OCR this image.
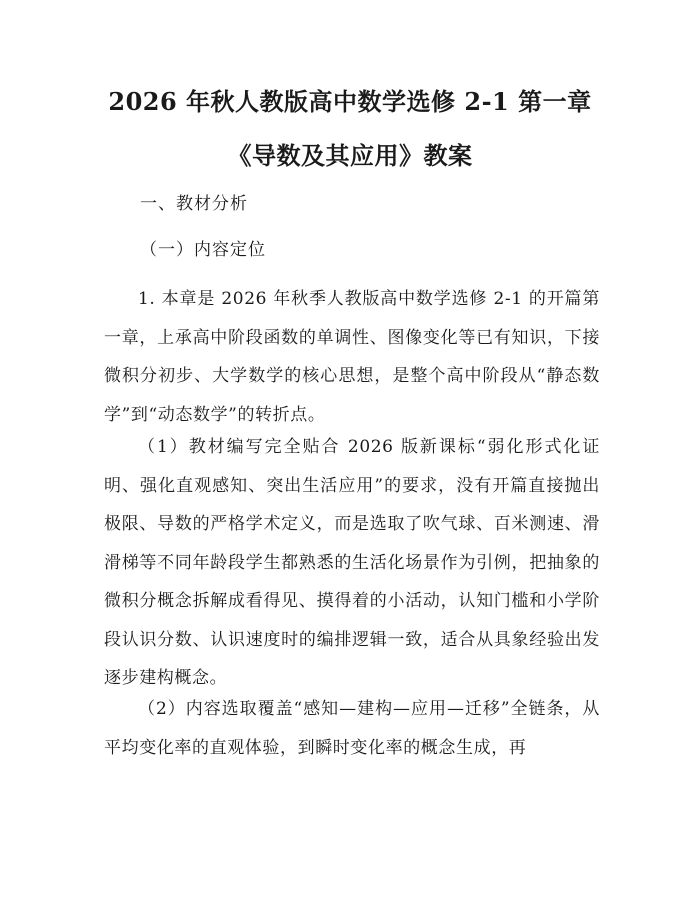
2026 年秋人教版高中数学选修 2-1 第一章
《导数及其应用》教案
一、教材分析
（一）内容定位

1. 本章是 2026 年秋季人教版高中数学选修 2-1 的开篇第一章，上承高中阶段函数的单调性、图像变化等已有知识，下接微积分初步、大学数学的核心思想，是整个高中阶段从“静态数学”到“动态数学”的转折点。

（1）教材编写完全贴合 2026 版新课标“弱化形式化证明、强化直观感知、突出生活应用”的要求，没有开篇直接抛出极限、导数的严格学术定义，而是选取了吹气球、百米测速、滑滑梯等不同年龄段学生都熟悉的生活化场景作为引例，把抽象的微积分概念拆解成看得见、摸得着的小活动，认知门槛和小学阶段认识分数、认识速度时的编排逻辑一致，适合从具象经验出发逐步建构概念。

（2）内容选取覆盖“感知—建构—应用—迁移”全链条，从平均变化率的直观体验，到瞬时变化率的概念生成，再
